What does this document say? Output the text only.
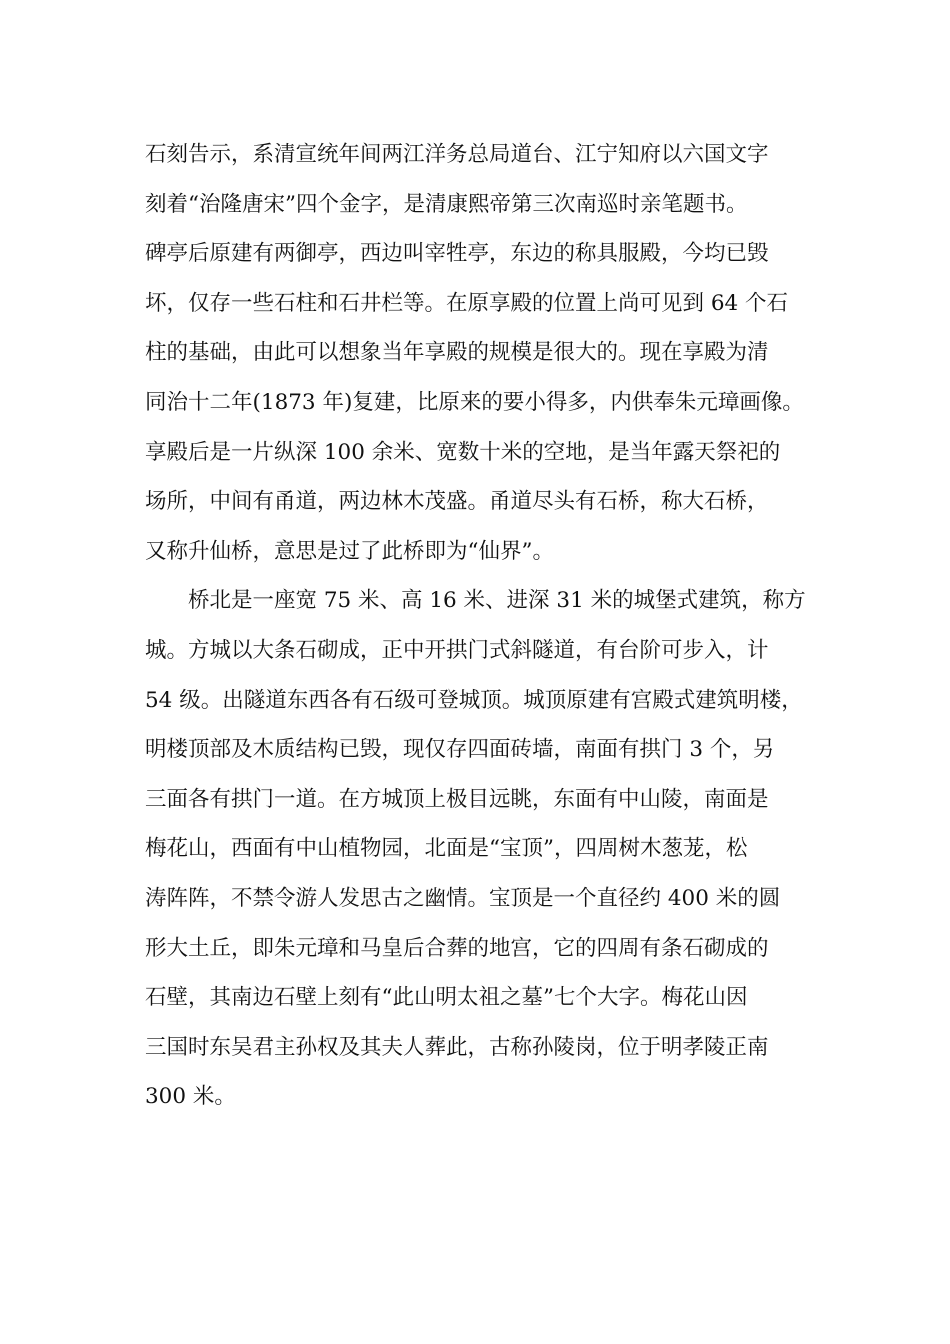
石刻告示，系清宣统年间两江洋务总局道台、江宁知府以六国文字

刻着“治隆唐宋”四个金字，是清康熙帝第三次南巡时亲笔题书。

碑亭后原建有两御亭，西边叫宰牲亭，东边的称具服殿，今均已毁

坏，仅存一些石柱和石井栏等。在原享殿的位置上尚可见到 64 个石

柱的基础，由此可以想象当年享殿的规模是很大的。现在享殿为清

同治十二年(1873 年)复建，比原来的要小得多，内供奉朱元璋画像。

享殿后是一片纵深 100 余米、宽数十米的空地，是当年露天祭祀的

场所，中间有甬道，两边林木茂盛。甬道尽头有石桥，称大石桥，

又称升仙桥，意思是过了此桥即为“仙界”。

桥北是一座宽 75 米、高 16 米、进深 31 米的城堡式建筑，称方

城。方城以大条石砌成，正中开拱门式斜隧道，有台阶可步入，计

54 级。出隧道东西各有石级可登城顶。城顶原建有宫殿式建筑明楼，

明楼顶部及木质结构已毁，现仅存四面砖墙，南面有拱门 3 个，另

三面各有拱门一道。在方城顶上极目远眺，东面有中山陵，南面是

梅花山，西面有中山植物园，北面是“宝顶”，四周树木葱茏，松

涛阵阵，不禁令游人发思古之幽情。宝顶是一个直径约 400 米的圆

形大土丘，即朱元璋和马皇后合葬的地宫，它的四周有条石砌成的

石壁，其南边石壁上刻有“此山明太祖之墓”七个大字。梅花山因

三国时东吴君主孙权及其夫人葬此，古称孙陵岗，位于明孝陵正南

300 米。
